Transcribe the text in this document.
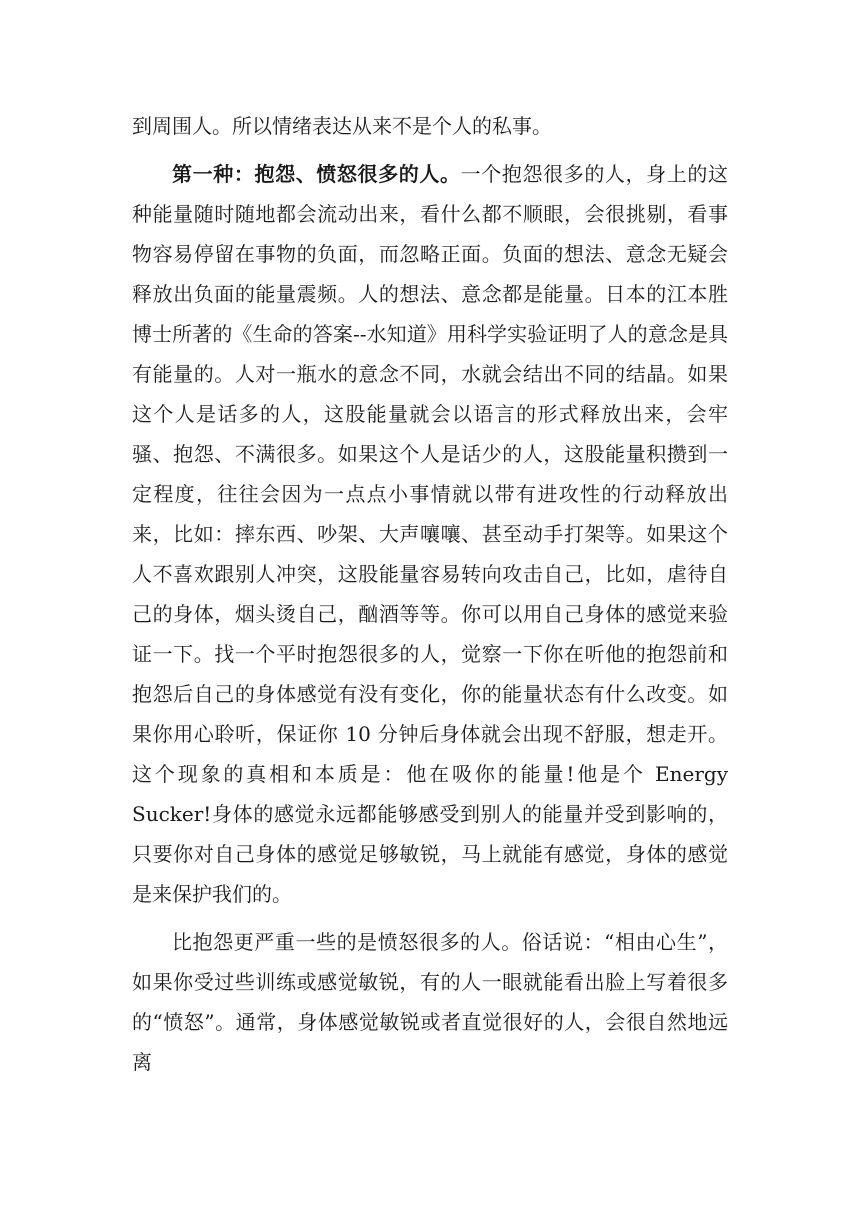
到周围人。所以情绪表达从来不是个人的私事。

第一种：抱怨、愤怒很多的人。一个抱怨很多的人，身上的这种能量随时随地都会流动出来，看什么都不顺眼，会很挑剔，看事物容易停留在事物的负面，而忽略正面。负面的想法、意念无疑会释放出负面的能量震频。人的想法、意念都是能量。日本的江本胜博士所著的《生命的答案--水知道》用科学实验证明了人的意念是具有能量的。人对一瓶水的意念不同，水就会结出不同的结晶。如果这个人是话多的人，这股能量就会以语言的形式释放出来，会牢骚、抱怨、不满很多。如果这个人是话少的人，这股能量积攒到一定程度，往往会因为一点点小事情就以带有进攻性的行动释放出来，比如：摔东西、吵架、大声嚷嚷、甚至动手打架等。如果这个人不喜欢跟别人冲突，这股能量容易转向攻击自己，比如，虐待自己的身体，烟头烫自己，酗酒等等。你可以用自己身体的感觉来验证一下。找一个平时抱怨很多的人，觉察一下你在听他的抱怨前和抱怨后自己的身体感觉有没有变化，你的能量状态有什么改变。如果你用心聆听，保证你 10 分钟后身体就会出现不舒服，想走开。这个现象的真相和本质是：他在吸你的能量!他是个 Energy Sucker!身体的感觉永远都能够感受到别人的能量并受到影响的，只要你对自己身体的感觉足够敏锐，马上就能有感觉，身体的感觉是来保护我们的。

比抱怨更严重一些的是愤怒很多的人。俗话说：“相由心生”，如果你受过些训练或感觉敏锐，有的人一眼就能看出脸上写着很多的“愤怒”。通常，身体感觉敏锐或者直觉很好的人，会很自然地远离
